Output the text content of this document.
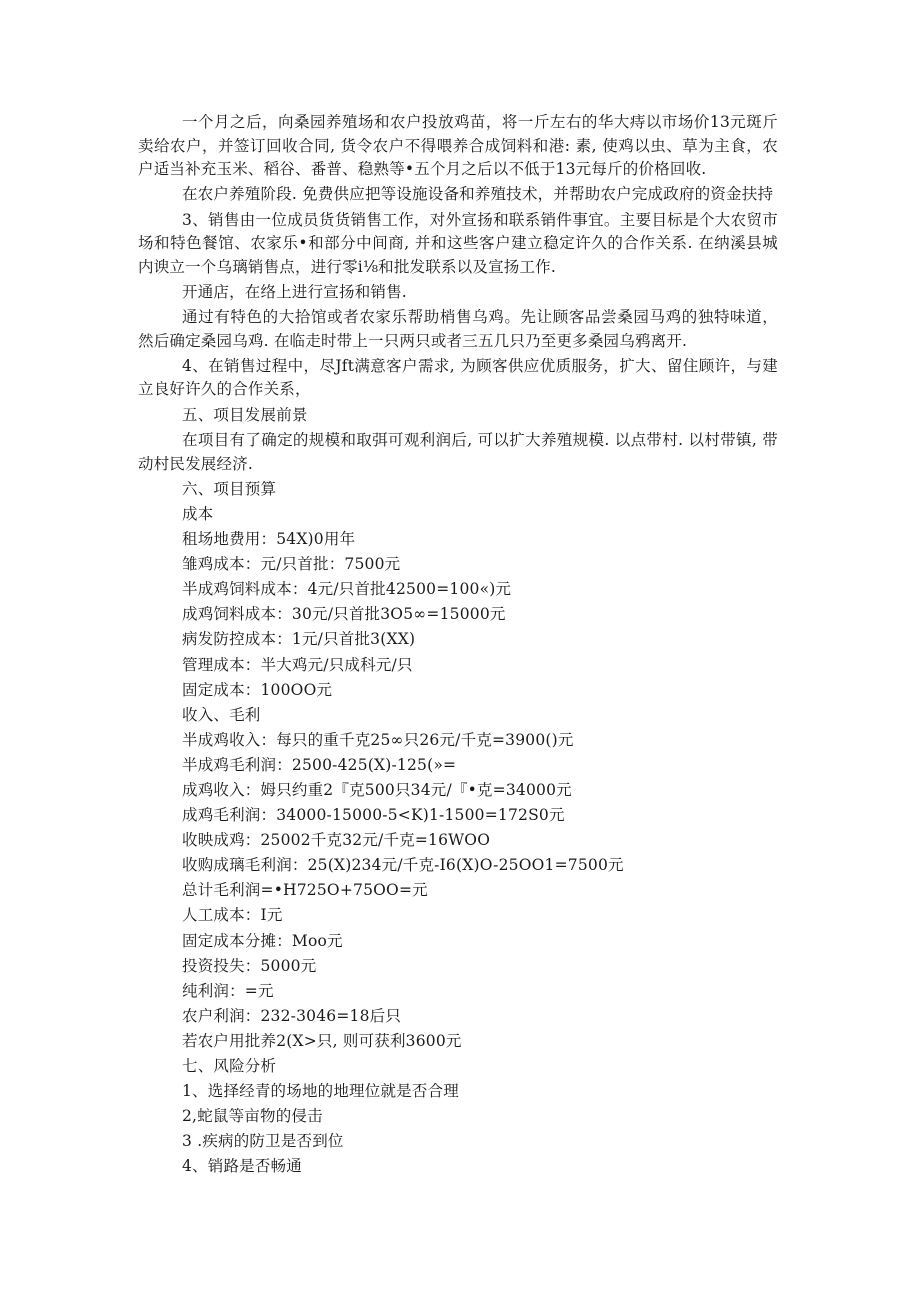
一个月之后，向桑园养殖场和农户投放鸡苗，将一斤左右的华大痔以市场价13元斑斤卖给农户，并签订回收合同, 货令农户不得喂养合成饲料和港: 素, 使鸡以虫、草为主食，农户适当补充玉米、稻谷、番普、稳熟等•五个月之后以不低于13元每斤的价格回收.

在农户养殖阶段. 免费供应把等设施设备和养殖技术，并帮助农户完成政府的资金扶持

3、销售由一位成员货货销售工作，对外宣扬和联系销件事宜。主要目标是个大农贸市场和特色餐馆、农家乐•和部分中间商, 并和这些客户建立稳定许久的合作关系. 在纳溪县城内谀立一个乌璃销售点，进行零i⅛和批发联系以及宣扬工作.

开通店，在络上进行宣扬和销售.

通过有特色的大拾馆或者农家乐帮助梢售乌鸡。先让顾客品尝桑园马鸡的独特味道，然后确定桑园乌鸡. 在临走时带上一只两只或者三五几只乃至更多桑园乌鸦离开.

4、在销售过程中，尽Jft满意客户需求, 为顾客供应优质服务，扩大、留住顾许，与建立良好许久的合作关系，

五、项目发展前景

在项目有了确定的规模和取弭可观利润后, 可以扩大养殖规模. 以点带村. 以村带镇, 带动村民发展经济.

六、项目预算
成本
租场地费用：54X)0用年
雏鸡成本：元/只首批：7500元
半成鸡饲料成本：4元/只首批42500=100«)元
成鸡饲料成本：30元/只首批3O5∞=15000元
病发防控成本：1元/只首批3(XX)
管理成本：半大鸡元/只成科元/只
固定成本：100OO元
收入、毛利
半成鸡收入：每只的重千克25∞只26元/千克=3900()元
半成鸡毛利润：2500-425(X)-125(»=
成鸡收入：姆只约重2『克500只34元/『•克=34000元
成鸡毛利润：34000-15000-5<K)1-1500=172S0元
收映成鸡：25002千克32元/千克=16WOO
收购成璃毛利润：25(X)234元/千克-I6(X)O-25OO1=7500元
总计毛利润=•H725O+75OO=元
人工成本：I元
固定成本分摊：Moo元
投资投失：5000元
纯利润：=元
农户利润：232-3046=18后只
若农户用批养2(X>只, 则可获利3600元
七、风险分析
1、选择经青的场地的地理位就是否合理
2,蛇鼠等亩物的侵击
3 .疾病的防卫是否到位
4、销路是否畅通
